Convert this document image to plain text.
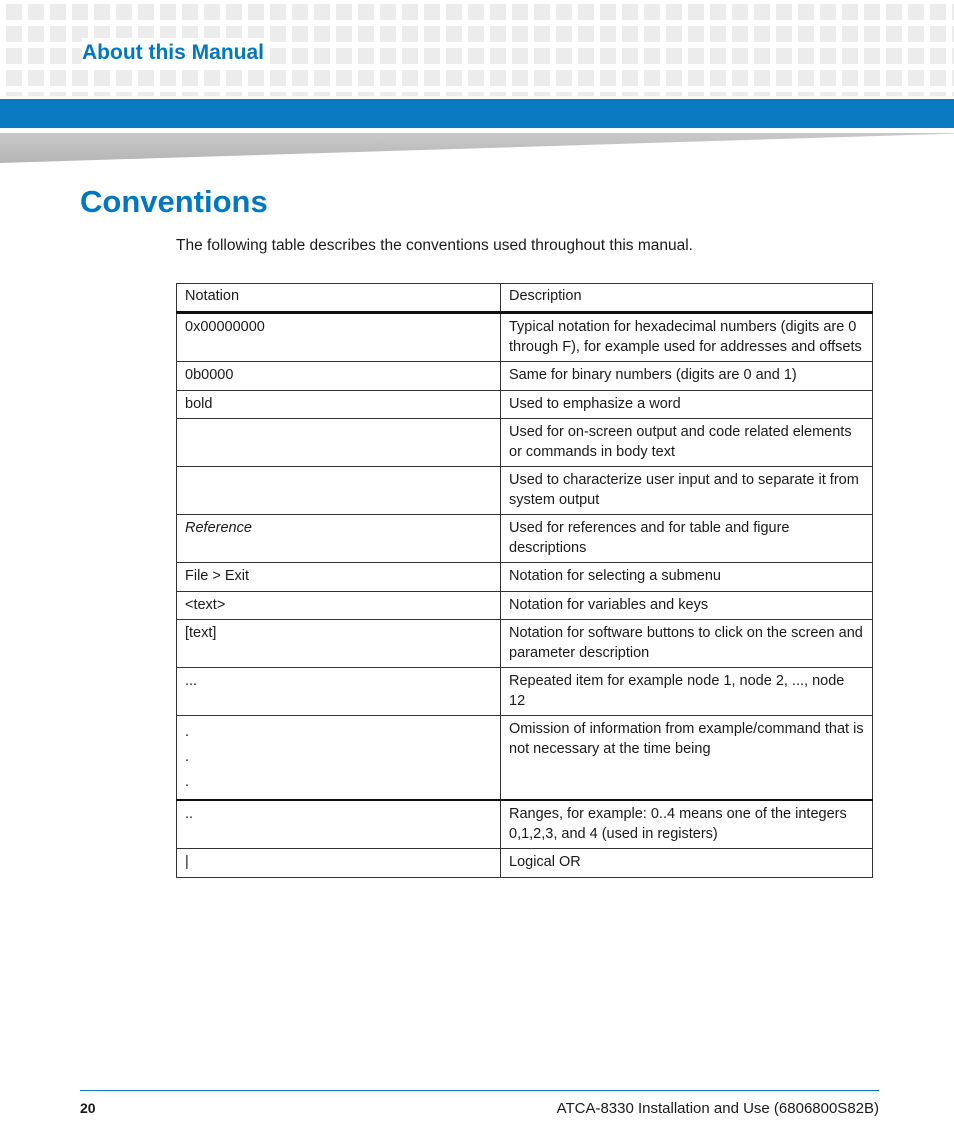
About this Manual
Conventions

The following table describes the conventions used throughout this manual.

Notation	Description
0x00000000	Typical notation for hexadecimal numbers (digits are 0 through F), for example used for addresses and offsets
0b0000	Same for binary numbers (digits are 0 and 1)
bold	Used to emphasize a word
	Used for on-screen output and code related elements or commands in body text
	Used to characterize user input and to separate it from system output
Reference	Used for references and for table and figure descriptions
File > Exit	Notation for selecting a submenu
<text>	Notation for variables and keys
[text]	Notation for software buttons to click on the screen and parameter description
...	Repeated item for example node 1, node 2, ..., node 12

.
.
.	Omission of information from example/command that is not necessary at the time being
..	Ranges, for example: 0..4 means one of the integers 0,1,2,3, and 4 (used in registers)
|	Logical OR

20	ATCA-8330 Installation and Use (6806800S82B)
